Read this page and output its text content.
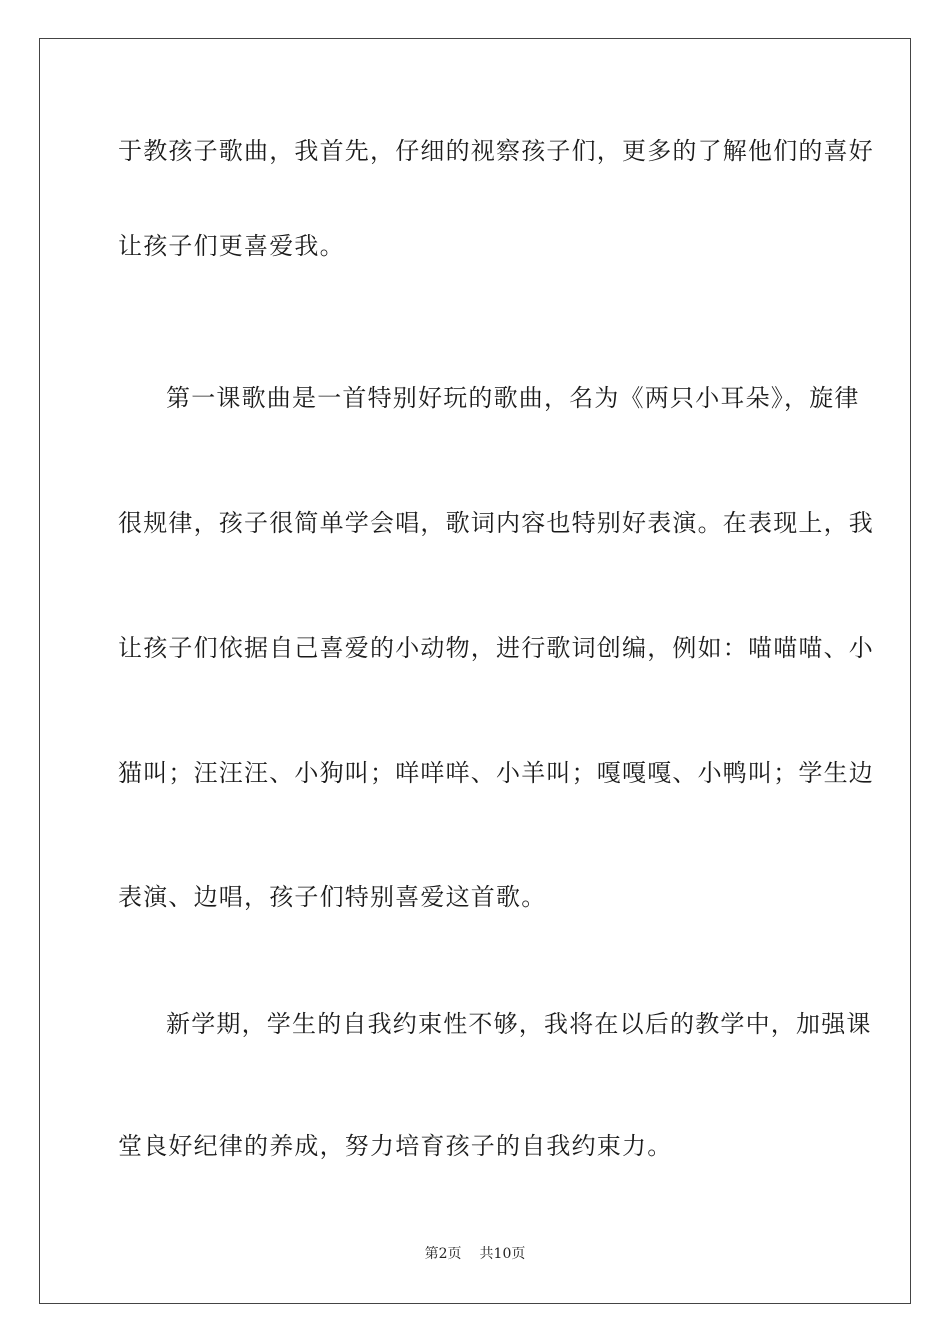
于教孩子歌曲，我首先，仔细的视察孩子们，更多的了解他们的喜好
让孩子们更喜爱我。
第一课歌曲是一首特别好玩的歌曲，名为《两只小耳朵》，旋律
很规律，孩子很简单学会唱，歌词内容也特别好表演。在表现上，我
让孩子们依据自己喜爱的小动物，进行歌词创编，例如：喵喵喵、小
猫叫；汪汪汪、小狗叫；咩咩咩、小羊叫；嘎嘎嘎、小鸭叫；学生边
表演、边唱，孩子们特别喜爱这首歌。
新学期，学生的自我约束性不够，我将在以后的教学中，加强课
堂良好纪律的养成，努力培育孩子的自我约束力。
第2页 共10页
